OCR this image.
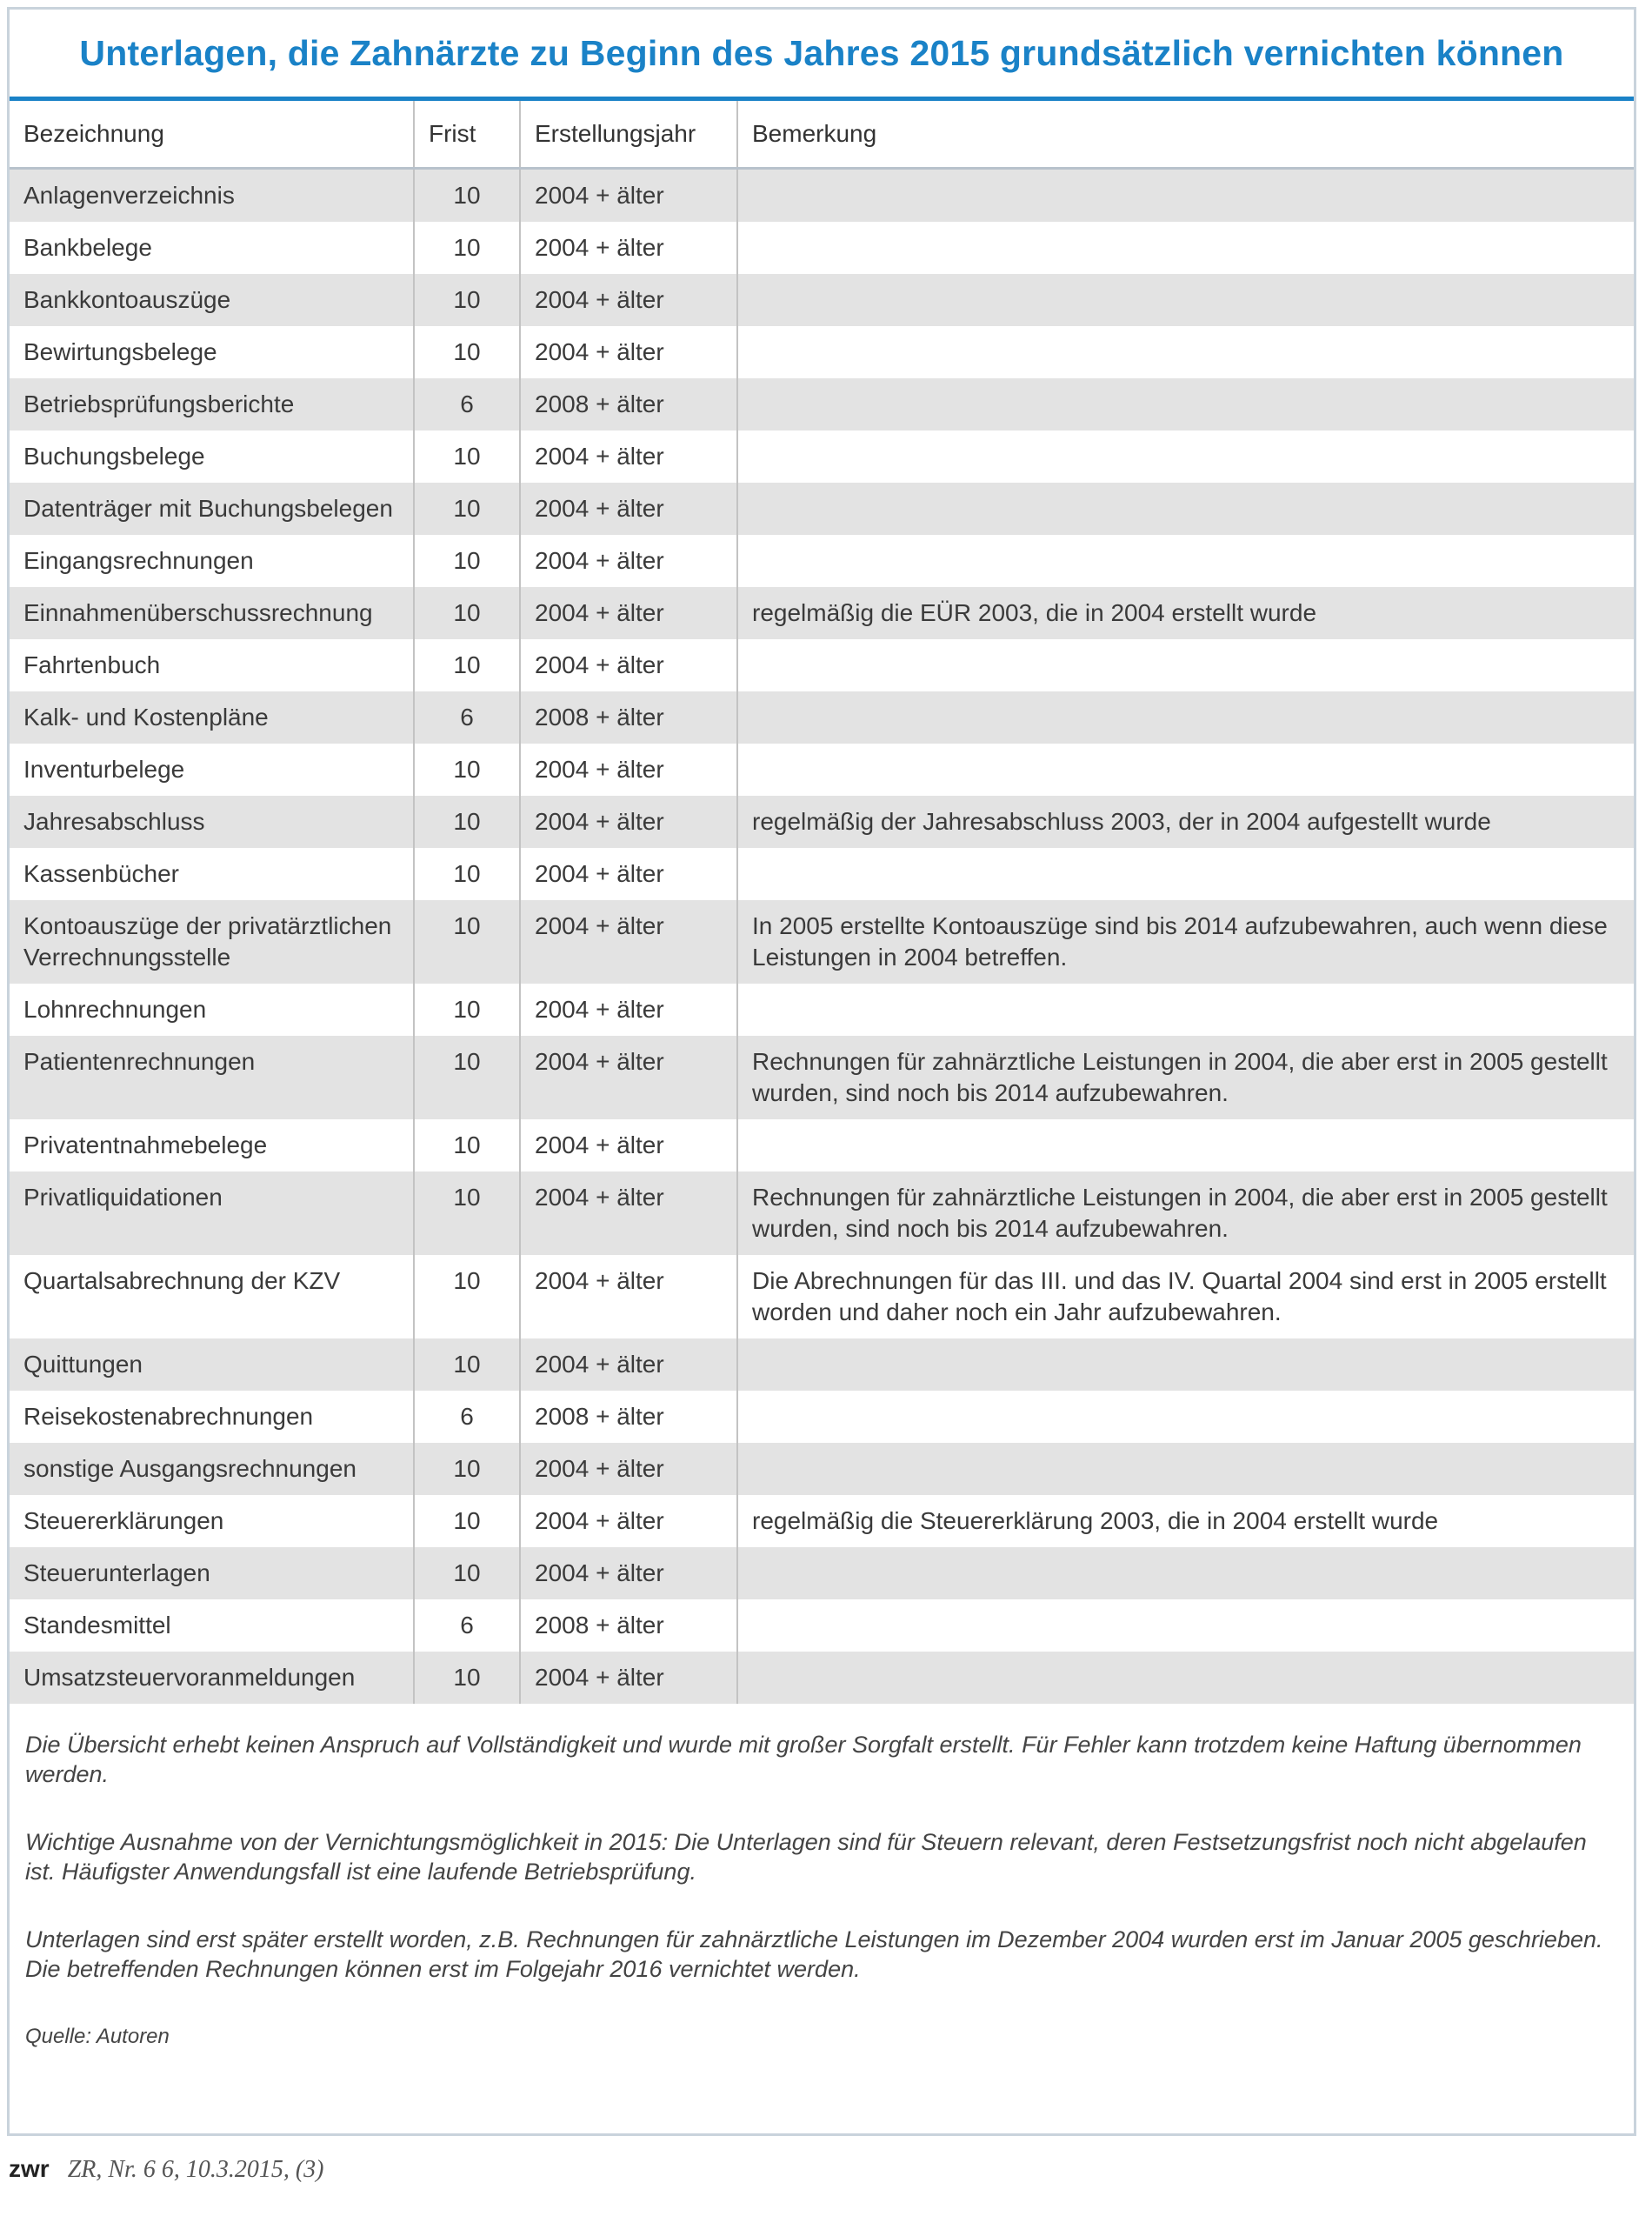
Unterlagen, die Zahnärzte zu Beginn des Jahres 2015 grundsätzlich vernichten können
Bezeichnung	Frist	Erstellungsjahr	Bemerkung
Anlagenverzeichnis	10	2004 + älter	
Bankbelege	10	2004 + älter	
Bankkontoauszüge	10	2004 + älter	
Bewirtungsbelege	10	2004 + älter	
Betriebsprüfungsberichte	6	2008 + älter	
Buchungsbelege	10	2004 + älter	
Datenträger mit Buchungsbelegen	10	2004 + älter	
Eingangsrechnungen	10	2004 + älter	
Einnahmenüberschussrechnung	10	2004 + älter	regelmäßig die EÜR 2003, die in 2004 erstellt wurde
Fahrtenbuch	10	2004 + älter	
Kalk- und Kostenpläne	6	2008 + älter	
Inventurbelege	10	2004 + älter	
Jahresabschluss	10	2004 + älter	regelmäßig der Jahresabschluss 2003, der in 2004 aufgestellt wurde
Kassenbücher	10	2004 + älter	
Kontoauszüge der privatärztlichen Verrechnungsstelle	10	2004 + älter	In 2005 erstellte Kontoauszüge sind bis 2014 aufzubewahren, auch wenn diese Leistungen in 2004 betreffen.
Lohnrechnungen	10	2004 + älter	
Patientenrechnungen	10	2004 + älter	Rechnungen für zahnärztliche Leistungen in 2004, die aber erst in 2005 gestellt wurden, sind noch bis 2014 aufzubewahren.
Privatentnahmebelege	10	2004 + älter	
Privatliquidationen	10	2004 + älter	Rechnungen für zahnärztliche Leistungen in 2004, die aber erst in 2005 gestellt wurden, sind noch bis 2014 aufzubewahren.
Quartalsabrechnung der KZV	10	2004 + älter	Die Abrechnungen für das III. und das IV. Quartal 2004 sind erst in 2005 erstellt worden und daher noch ein Jahr aufzubewahren.
Quittungen	10	2004 + älter	
Reisekostenabrechnungen	6	2008 + älter	
sonstige Ausgangsrechnungen	10	2004 + älter	
Steuererklärungen	10	2004 + älter	regelmäßig die Steuererklärung 2003, die in 2004 erstellt wurde
Steuerunterlagen	10	2004 + älter	
Standesmittel	6	2008 + älter	
Umsatzsteuervoranmeldungen	10	2004 + älter	

Die Übersicht erhebt keinen Anspruch auf Vollständigkeit und wurde mit großer Sorgfalt erstellt. Für Fehler kann trotzdem keine Haftung übernommen werden.

Wichtige Ausnahme von der Vernichtungsmöglichkeit in 2015: Die Unterlagen sind für Steuern relevant, deren Festsetzungsfrist noch nicht abgelaufen ist. Häufigster Anwendungsfall ist eine laufende Betriebsprüfung.

Unterlagen sind erst später erstellt worden, z.B. Rechnungen für zahnärztliche Leistungen im Dezember 2004 wurden erst im Januar 2005 geschrieben. Die betreffenden Rechnungen können erst im Folgejahr 2016 vernichtet werden.

Quelle: Autoren
zwr ZR, Nr. 6 6, 10.3.2015, (3)
